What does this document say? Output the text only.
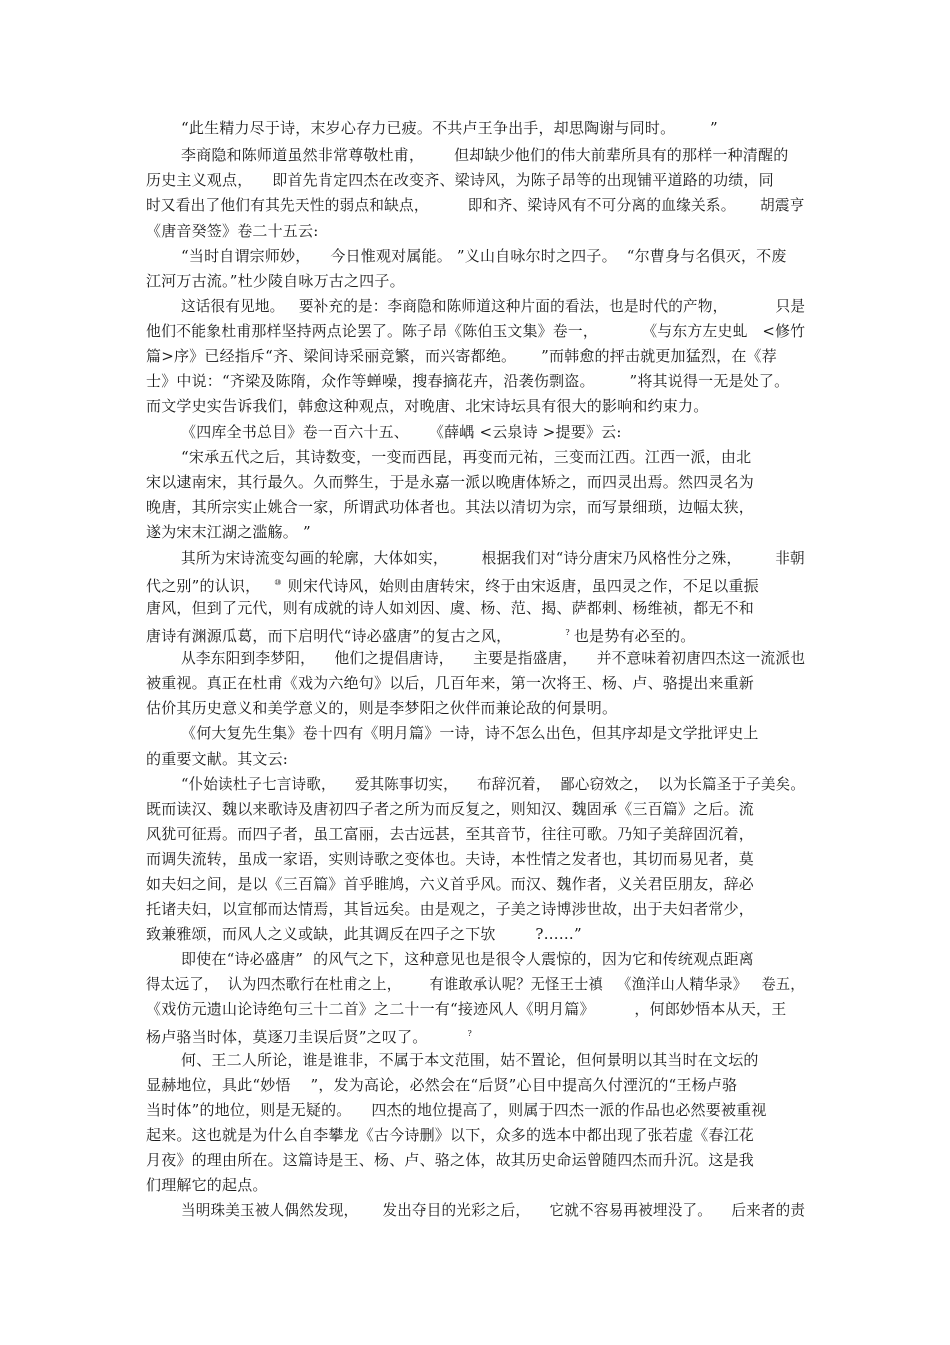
“此生精力尽于诗，末岁心存力已疲。不共卢王争出手，却思陶谢与同时。       ”

李商隐和陈师道虽然非常尊敬杜甫，      但却缺少他们的伟大前辈所具有的那样一种清醒的

历史主义观点，    即首先肯定四杰在改变齐、梁诗风，为陈子昂等的出现铺平道路的功绩，同

时又看出了他们有其先天性的弱点和缺点，        即和齐、梁诗风有不可分离的血缘关系。     胡震亨

《唐音癸签》卷二十五云:

“当时自谓宗师妙，    今日惟观对属能。 ”义山自咏尔时之四子。  “尔曹身与名俱灭，不废

江河万古流。”杜少陵自咏万古之四子。

这话很有见地。   要补充的是：李商隐和陈师道这种片面的看法，也是时代的产物，          只是

他们不能象杜甫那样坚持两点论罢了。陈子昂《陈伯玉文集》卷一，         《与东方左史虬   <修竹

篇>序》已经指斥“齐、梁间诗采丽竞繁，而兴寄都绝。     ”而韩愈的抨击就更加猛烈，在《荐

士》中说：“齐梁及陈隋，众作等蝉噪，搜春摘花卉，沿袭伤剽盗。       ”将其说得一无是处了。

而文学史实告诉我们，韩愈这种观点，对晚唐、北宋诗坛具有很大的影响和约束力。

《四库全书总目》卷一百六十五、    《薛嵎 <云泉诗 >提要》云:

“宋承五代之后，其诗数变，一变而西昆，再变而元祐，三变而江西。江西一派，由北

宋以逮南宋，其行最久。久而弊生，于是永嘉一派以晚唐体矫之，而四灵出焉。然四灵名为

晚唐，其所宗实止姚合一家，所谓武功体者也。其法以清切为宗，而写景细琐，边幅太狭，

遂为宋末江湖之滥觞。 ”

其所为宋诗流变勾画的轮廓，大体如实，       根据我们对“诗分唐宋乃风格性分之殊，       非朝

代之别”的认识， ⑩ 则宋代诗风，始则由唐转宋，终于由宋返唐，虽四灵之作，不足以重振

唐风，但到了元代，则有成就的诗人如刘因、虞、杨、范、揭、萨都剌、杨维祯，都无不和

唐诗有渊源瓜葛，而下启明代“诗必盛唐”的复古之风，	? 也是势有必至的。

从李东阳到李梦阳，    他们之提倡唐诗，    主要是指盛唐，    并不意味着初唐四杰这一流派也

被重视。真正在杜甫《戏为六绝句》以后，几百年来，第一次将王、杨、卢、骆提出来重新

估价其历史意义和美学意义的，则是李梦阳之伙伴而兼论敌的何景明。

《何大复先生集》卷十四有《明月篇》一诗，诗不怎么出色，但其序却是文学批评史上

的重要文献。其文云:

“仆始读杜子七言诗歌，    爱其陈事切实，    布辞沉着，  鄙心窃效之，  以为长篇圣于子美矣。

既而读汉、魏以来歌诗及唐初四子者之所为而反复之，则知汉、魏固承《三百篇》之后。流

风犹可征焉。而四子者，虽工富丽，去古远甚，至其音节，往往可歌。乃知子美辞固沉着，

而调失流转，虽成一家语，实则诗歌之变体也。夫诗，本性情之发者也，其切而易见者，莫

如夫妇之间，是以《三百篇》首乎睢鸠，六义首乎风。而汉、魏作者，义关君臣朋友，辞必

托诸夫妇，以宣郁而达情焉，其旨远矣。由是观之，子美之诗博涉世故，出于夫妇者常少，

致兼雅颂，而风人之义或缺，此其调反在四子之下欤        ?……”

即使在“诗必盛唐”  的风气之下，这种意见也是很令人震惊的，因为它和传统观点距离

得太远了，  认为四杰歌行在杜甫之上，      有谁敢承认呢？无怪王士禛   《渔洋山人精华录》   卷五，

《戏仿元遗山论诗绝句三十二首》之二十一有“接迹风人《明月篇》        ，何郎妙悟本从天，王

杨卢骆当时体，莫逐刀圭误后贤”之叹了。	?

何、王二人所论，谁是谁非，不属于本文范围，姑不置论，但何景明以其当时在文坛的

显赫地位，具此“妙悟    ”，发为高论，必然会在“后贤”心目中提高久付湮沉的“王杨卢骆

当时体”的地位，则是无疑的。    四杰的地位提高了，则属于四杰一派的作品也必然要被重视

起来。这也就是为什么自李攀龙《古今诗删》以下，众多的选本中都出现了张若虚《春江花

月夜》的理由所在。这篇诗是王、杨、卢、骆之体，故其历史命运曾随四杰而升沉。这是我

们理解它的起点。

当明珠美玉被人偶然发现，     发出夺目的光彩之后，    它就不容易再被埋没了。    后来者的责
